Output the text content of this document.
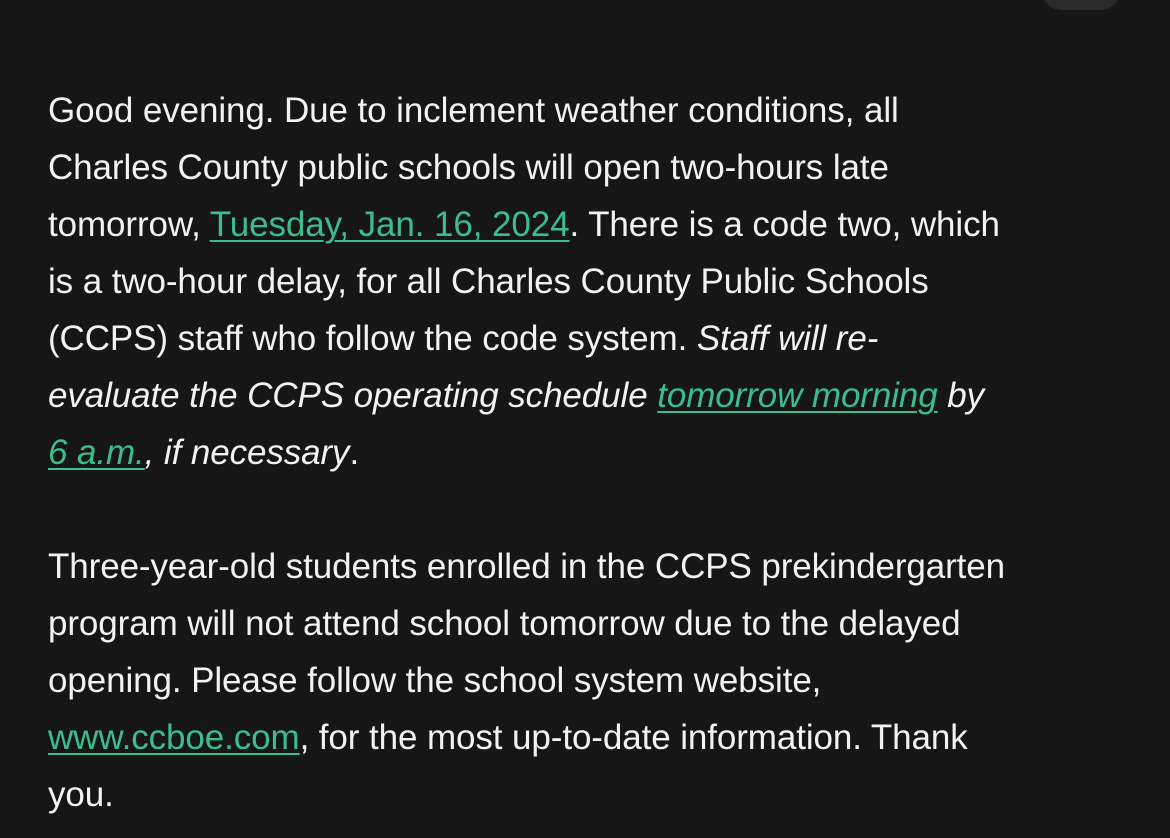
Good evening. Due to inclement weather conditions, all
Charles County public schools will open two-hours late
tomorrow, Tuesday, Jan. 16, 2024. There is a code two, which
is a two-hour delay, for all Charles County Public Schools
(CCPS) staff who follow the code system. Staff will re-
evaluate the CCPS operating schedule tomorrow morning by
6 a.m., if necessary.

Three-year-old students enrolled in the CCPS prekindergarten
program will not attend school tomorrow due to the delayed
opening. Please follow the school system website,
www.ccboe.com, for the most up-to-date information. Thank
you.
